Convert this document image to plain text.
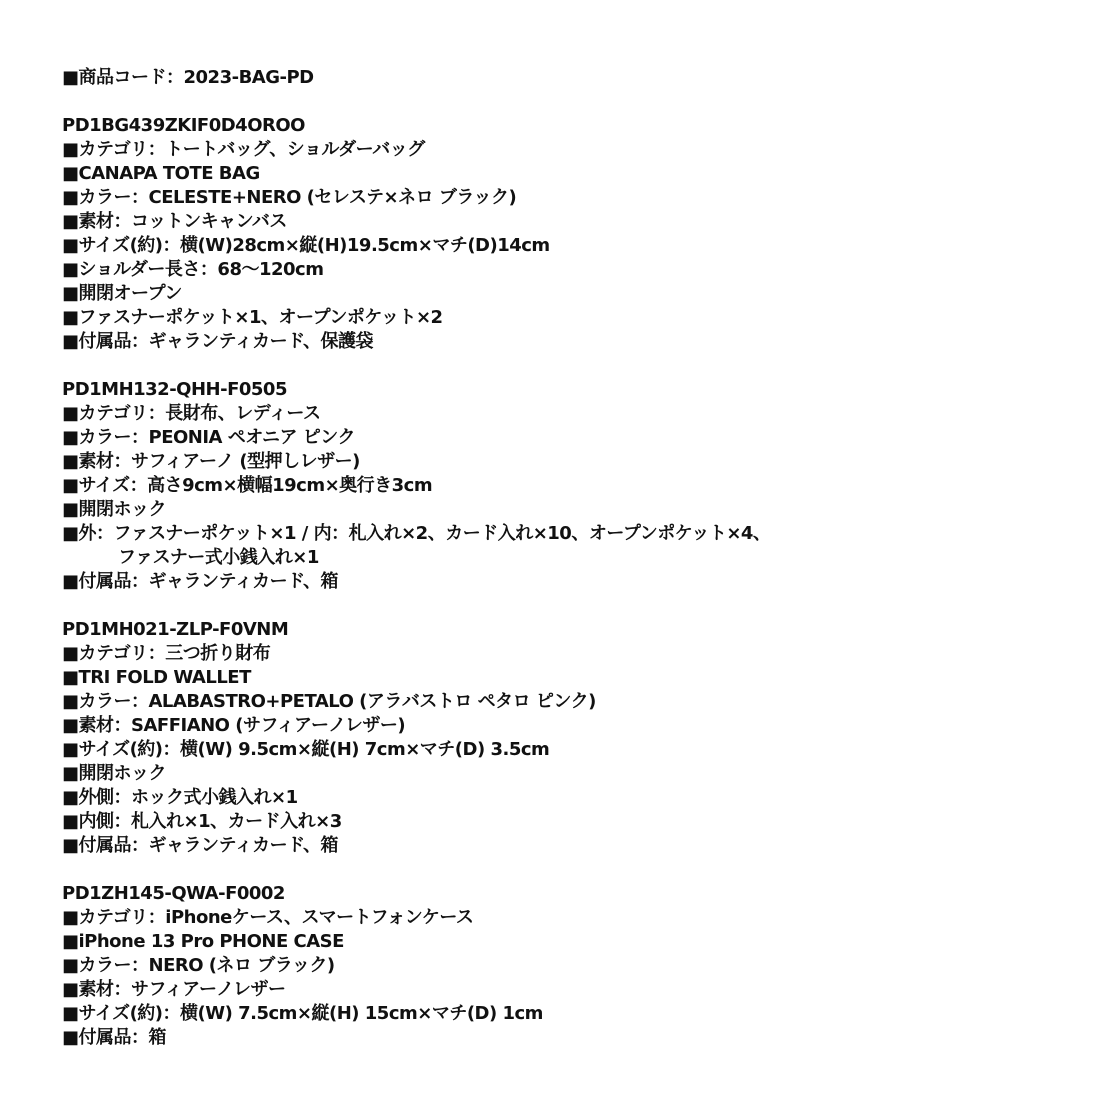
■商品コード：2023-BAG-PD
PD1BG439ZKIF0D4OROO
■カテゴリ：トートバッグ、ショルダーバッグ
■CANAPA TOTE BAG
■カラー：CELESTE+NERO (セレステ×ネロ ブラック)
■素材：コットンキャンバス
■サイズ(約)：横(W)28cm×縦(H)19.5cm×マチ(D)14cm
■ショルダー長さ：68〜120cm
■開閉オープン
■ファスナーポケット×1、オープンポケット×2
■付属品：ギャランティカード、保護袋
PD1MH132-QHH-F0505
■カテゴリ：長財布、レディース
■カラー：PEONIA ペオニア ピンク
■素材：サフィアーノ (型押しレザー)
■サイズ：高さ9cm×横幅19cm×奥行き3cm
■開閉ホック
■外：ファスナーポケット×1 / 内：札入れ×2、カード入れ×10、オープンポケット×4、
ファスナー式小銭入れ×1
■付属品：ギャランティカード、箱
PD1MH021-ZLP-F0VNM
■カテゴリ：三つ折り財布
■TRI FOLD WALLET
■カラー：ALABASTRO+PETALO (アラバストロ ペタロ ピンク)
■素材：SAFFIANO (サフィアーノレザー)
■サイズ(約)：横(W) 9.5cm×縦(H) 7cm×マチ(D) 3.5cm
■開閉ホック
■外側：ホック式小銭入れ×1
■内側：札入れ×1、カード入れ×3
■付属品：ギャランティカード、箱
PD1ZH145-QWA-F0002
■カテゴリ：iPhoneケース、スマートフォンケース
■iPhone 13 Pro PHONE CASE
■カラー：NERO (ネロ ブラック)
■素材：サフィアーノレザー
■サイズ(約)：横(W) 7.5cm×縦(H) 15cm×マチ(D) 1cm
■付属品：箱
